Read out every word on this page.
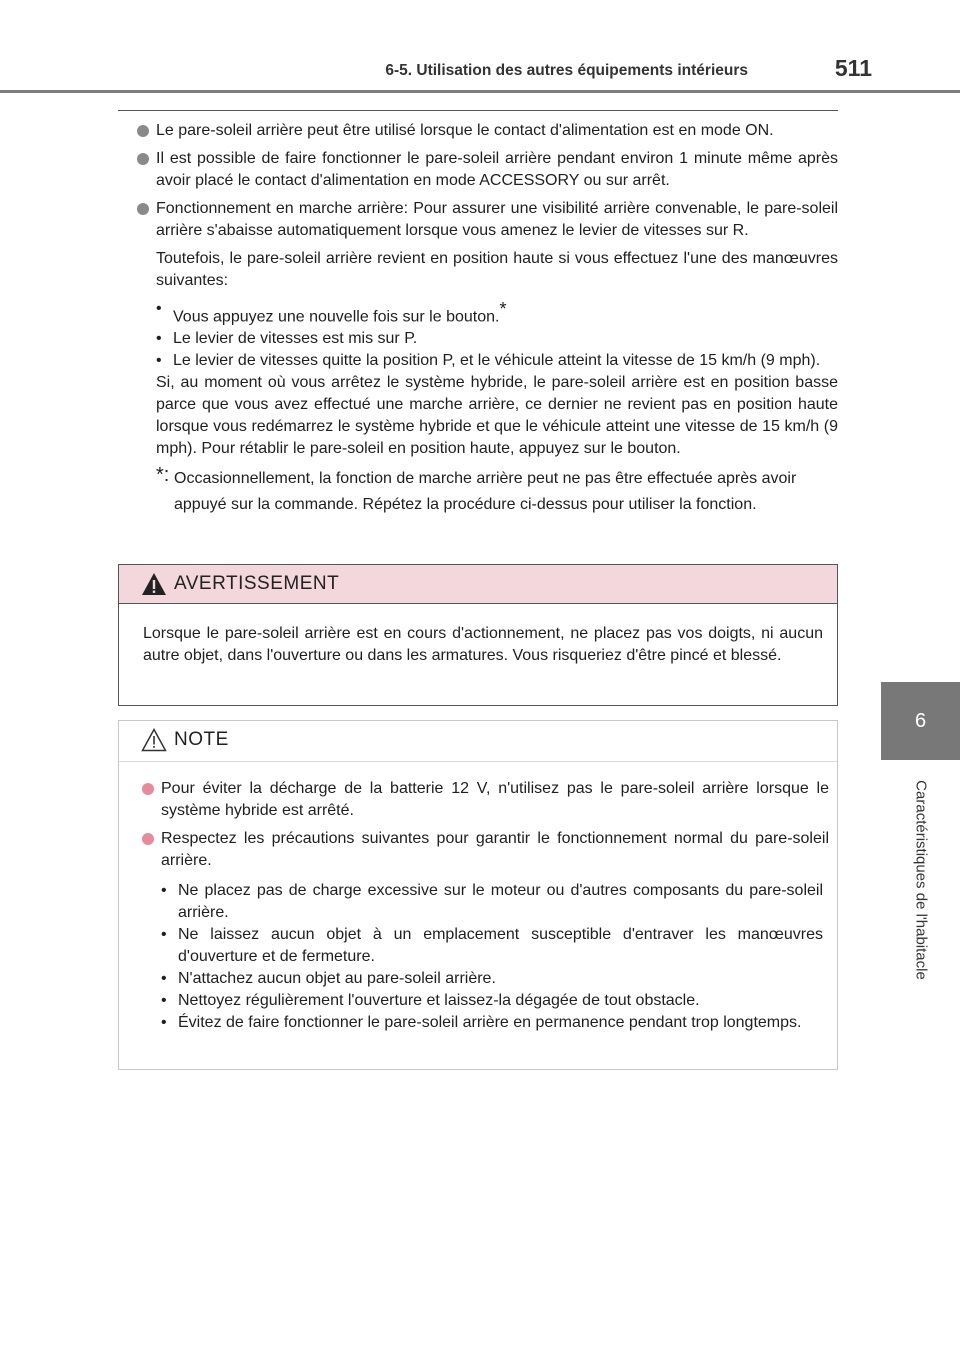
6-5. Utilisation des autres équipements intérieurs	511
6
Caractéristiques de l'habitacle
Le pare-soleil arrière peut être utilisé lorsque le contact d'alimentation est en mode ON.
Il est possible de faire fonctionner le pare-soleil arrière pendant environ 1 minute même après avoir placé le contact d'alimentation en mode ACCESSORY ou sur arrêt.
Fonctionnement en marche arrière: Pour assurer une visibilité arrière convenable, le pare-soleil arrière s'abaisse automatiquement lorsque vous amenez le levier de vitesses sur R.
Toutefois, le pare-soleil arrière revient en position haute si vous effectuez l'une des manœuvres suivantes:
• Vous appuyez une nouvelle fois sur le bouton.*
• Le levier de vitesses est mis sur P.
• Le levier de vitesses quitte la position P, et le véhicule atteint la vitesse de 15 km/h (9 mph).
Si, au moment où vous arrêtez le système hybride, le pare-soleil arrière est en position basse parce que vous avez effectué une marche arrière, ce dernier ne revient pas en position haute lorsque vous redémarrez le système hybride et que le véhicule atteint une vitesse de 15 km/h (9 mph). Pour rétablir le pare-soleil en position haute, appuyez sur le bouton.
*: Occasionnellement, la fonction de marche arrière peut ne pas être effectuée après avoir

appuyé sur la commande. Répétez la procédure ci-dessus pour utiliser la fonction.

AVERTISSEMENT
Lorsque le pare-soleil arrière est en cours d'actionnement, ne placez pas vos doigts, ni aucun autre objet, dans l'ouverture ou dans les armatures. Vous risqueriez d'être pincé et blessé.
NOTE
Pour éviter la décharge de la batterie 12 V, n'utilisez pas le pare-soleil arrière lorsque le système hybride est arrêté.
Respectez les précautions suivantes pour garantir le fonctionnement normal du pare-soleil arrière.
• Ne placez pas de charge excessive sur le moteur ou d'autres composants du pare-soleil arrière.
• Ne laissez aucun objet à un emplacement susceptible d'entraver les manœuvres d'ouverture et de fermeture.
• N'attachez aucun objet au pare-soleil arrière.
• Nettoyez régulièrement l'ouverture et laissez-la dégagée de tout obstacle.
• Évitez de faire fonctionner le pare-soleil arrière en permanence pendant trop longtemps.
